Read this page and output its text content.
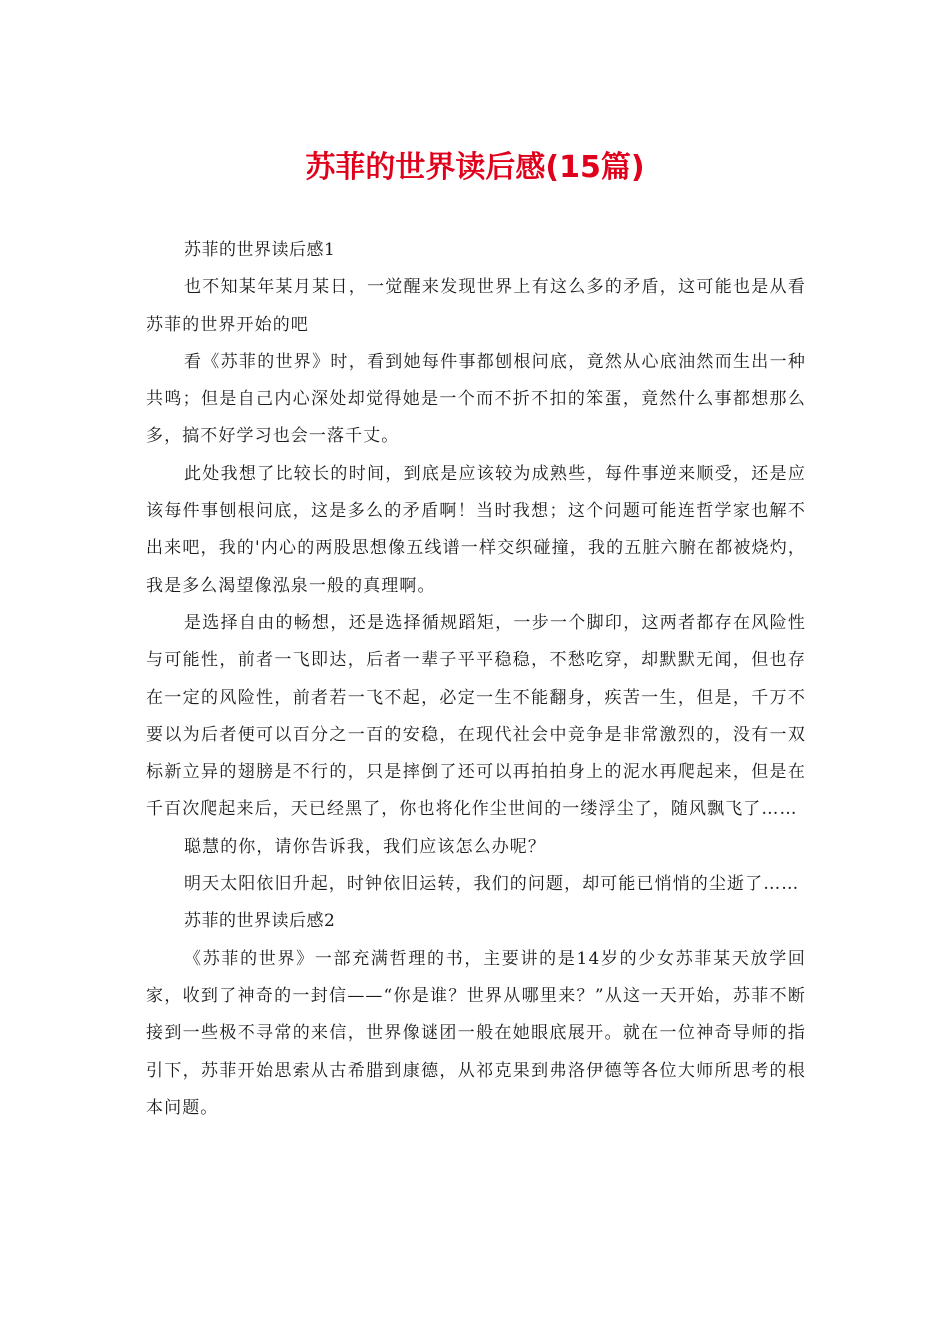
苏菲的世界读后感(15篇)

苏菲的世界读后感1

也不知某年某月某日，一觉醒来发现世界上有这么多的矛盾，这可能也是从看苏菲的世界开始的吧

看《苏菲的世界》时，看到她每件事都刨根问底，竟然从心底油然而生出一种共鸣；但是自己内心深处却觉得她是一个而不折不扣的笨蛋，竟然什么事都想那么多，搞不好学习也会一落千丈。

此处我想了比较长的时间，到底是应该较为成熟些，每件事逆来顺受，还是应该每件事刨根问底，这是多么的矛盾啊！当时我想；这个问题可能连哲学家也解不出来吧，我的'内心的两股思想像五线谱一样交织碰撞，我的五脏六腑在都被烧灼，我是多么渴望像泓泉一般的真理啊。

是选择自由的畅想，还是选择循规蹈矩，一步一个脚印，这两者都存在风险性与可能性，前者一飞即达，后者一辈子平平稳稳，不愁吃穿，却默默无闻，但也存在一定的风险性，前者若一飞不起，必定一生不能翻身，疾苦一生，但是，千万不要以为后者便可以百分之一百的安稳，在现代社会中竞争是非常激烈的，没有一双标新立异的翅膀是不行的，只是摔倒了还可以再拍拍身上的泥水再爬起来，但是在千百次爬起来后，天已经黑了，你也将化作尘世间的一缕浮尘了，随风飘飞了……

聪慧的你，请你告诉我，我们应该怎么办呢？

明天太阳依旧升起，时钟依旧运转，我们的问题，却可能已悄悄的尘逝了……

苏菲的世界读后感2

《苏菲的世界》一部充满哲理的书，主要讲的是14岁的少女苏菲某天放学回家，收到了神奇的一封信——“你是谁？世界从哪里来？”从这一天开始，苏菲不断接到一些极不寻常的来信，世界像谜团一般在她眼底展开。就在一位神奇导师的指引下，苏菲开始思索从古希腊到康德，从祁克果到弗洛伊德等各位大师所思考的根本问题。
